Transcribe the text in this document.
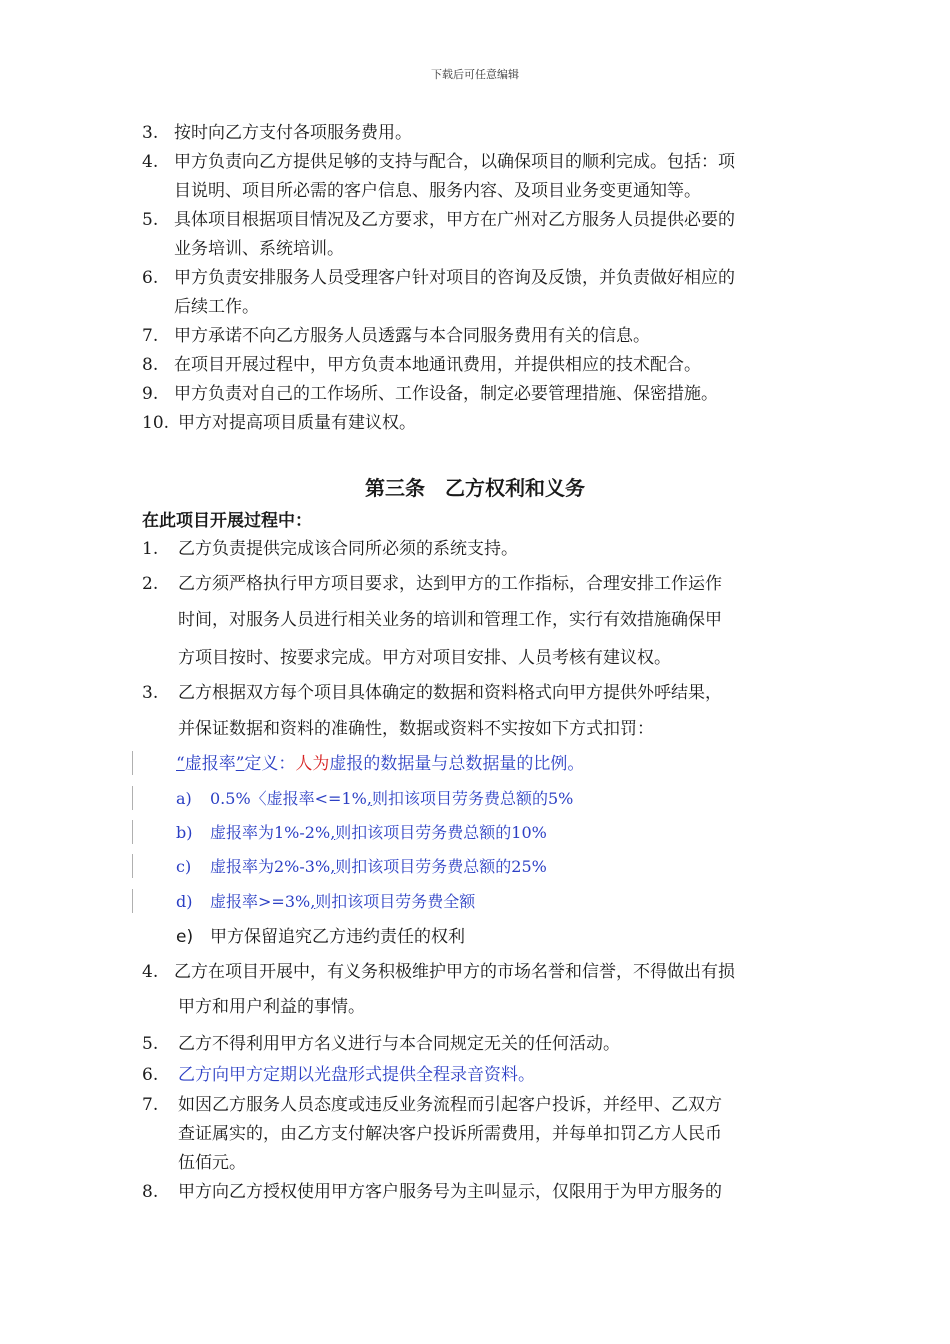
下载后可任意编辑
3. 按时向乙方支付各项服务费用。
4. 甲方负责向乙方提供足够的支持与配合，以确保项目的顺利完成。包括：项
目说明、项目所必需的客户信息、服务内容、及项目业务变更通知等。
5. 具体项目根据项目情况及乙方要求，甲方在广州对乙方服务人员提供必要的
业务培训、系统培训。
6. 甲方负责安排服务人员受理客户针对项目的咨询及反馈，并负责做好相应的
后续工作。
7. 甲方承诺不向乙方服务人员透露与本合同服务费用有关的信息。
8. 在项目开展过程中，甲方负责本地通讯费用，并提供相应的技术配合。
9. 甲方负责对自己的工作场所、工作设备，制定必要管理措施、保密措施。
10. 甲方对提高项目质量有建议权。
第三条　乙方权利和义务
在此项目开展过程中：
1. 乙方负责提供完成该合同所必须的系统支持。
2. 乙方须严格执行甲方项目要求，达到甲方的工作指标，合理安排工作运作
时间，对服务人员进行相关业务的培训和管理工作，实行有效措施确保甲
方项目按时、按要求完成。甲方对项目安排、人员考核有建议权。
3. 乙方根据双方每个项目具体确定的数据和资料格式向甲方提供外呼结果，
并保证数据和资料的准确性，数据或资料不实按如下方式扣罚：
“虚报率”定义：人为虚报的数据量与总数据量的比例。
a) 0.5%〈虚报率<=1%,则扣该项目劳务费总额的5%
b) 虚报率为1%-2%,则扣该项目劳务费总额的10%
c) 虚报率为2%-3%,则扣该项目劳务费总额的25%
d) 虚报率>=3%,则扣该项目劳务费全额
e) 甲方保留追究乙方违约责任的权利
4. 乙方在项目开展中，有义务积极维护甲方的市场名誉和信誉，不得做出有损
甲方和用户利益的事情。
5. 乙方不得利用甲方名义进行与本合同规定无关的任何活动。
6. 乙方向甲方定期以光盘形式提供全程录音资料。
7. 如因乙方服务人员态度或违反业务流程而引起客户投诉，并经甲、乙双方
查证属实的，由乙方支付解决客户投诉所需费用，并每单扣罚乙方人民币
伍佰元。
8. 甲方向乙方授权使用甲方客户服务号为主叫显示，仅限用于为甲方服务的
